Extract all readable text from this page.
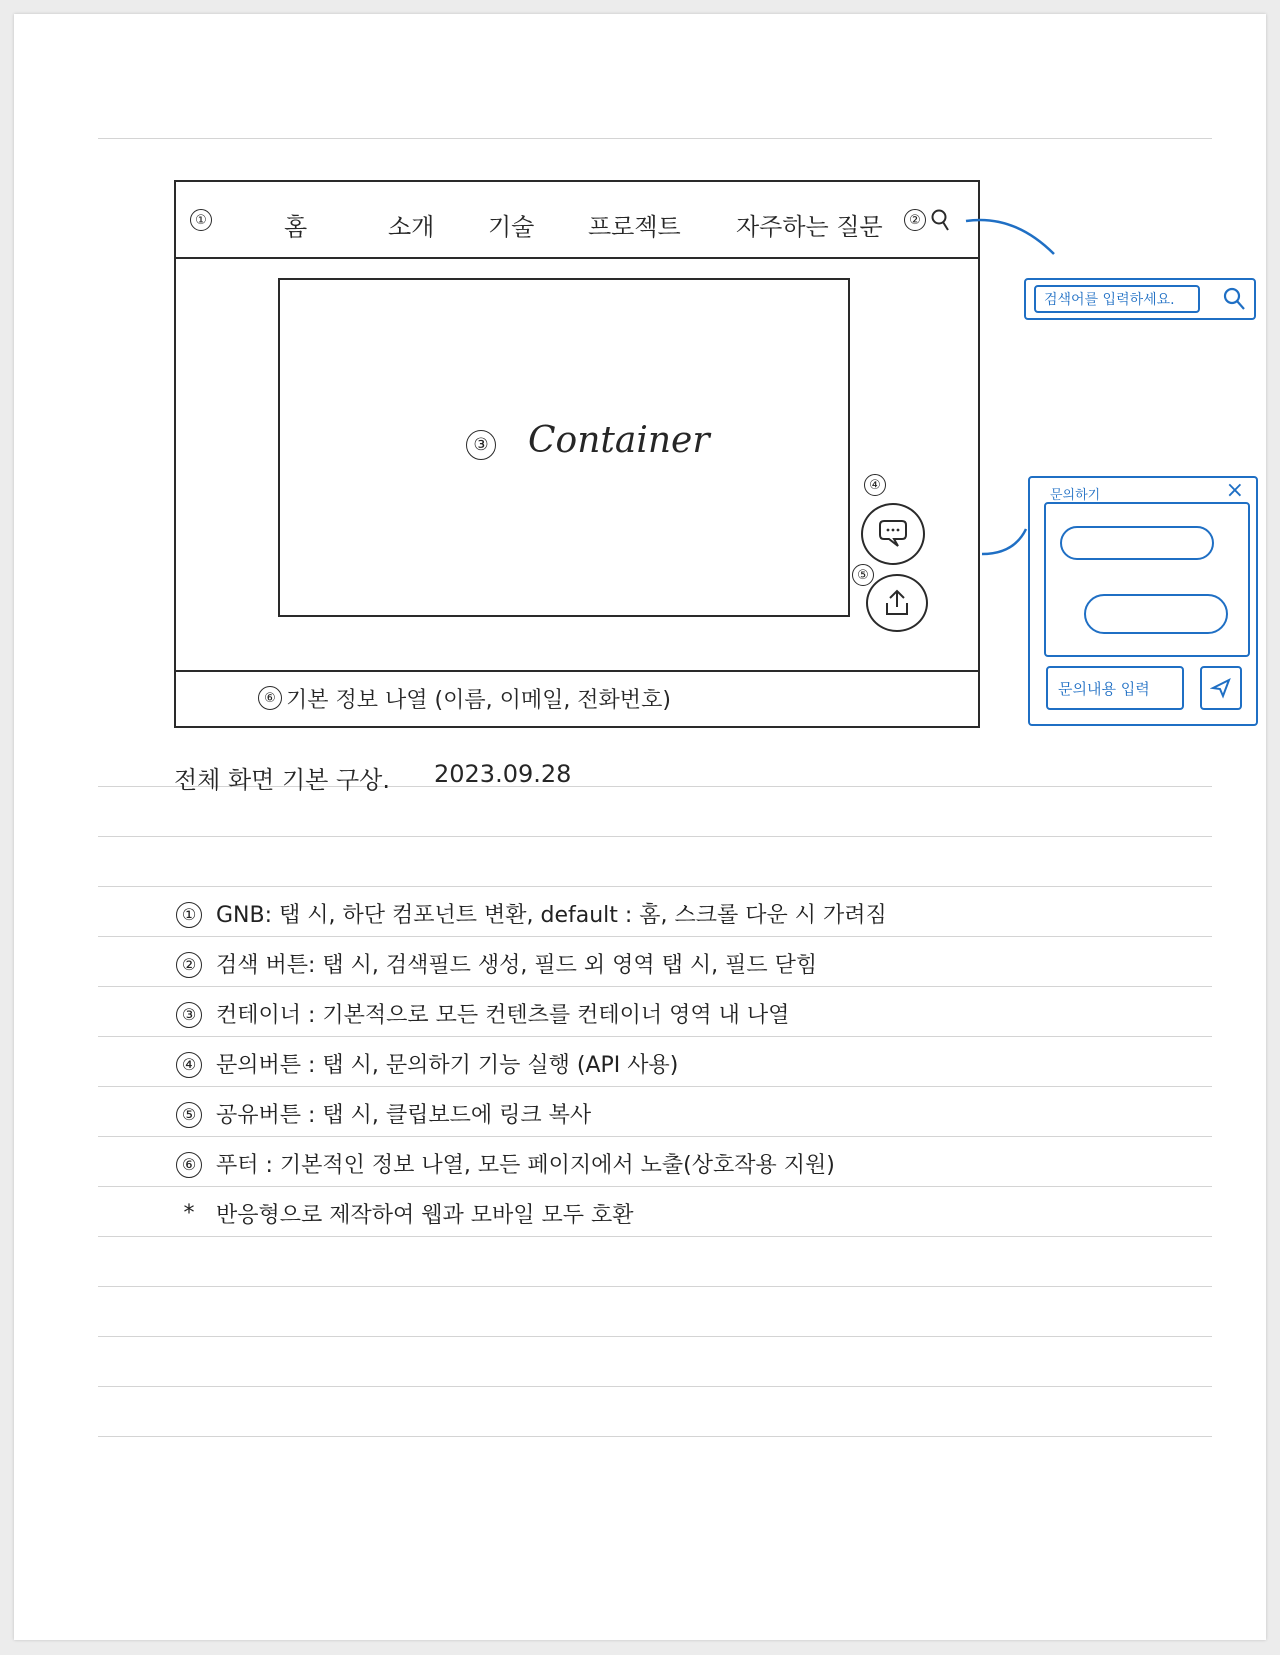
①	홈	소개 기술 프로젝트 자주하는 질문	②
③ Container
④
⑤
⑥ 기본 정보 나열 (이름, 이메일, 전화번호)
검색어를 입력하세요.
문의하기	×
문의내용 입력
전체 화면 기본 구상. 2023.09.28
① GNB: 탭 시, 하단 컴포넌트 변환, default : 홈, 스크롤 다운 시 가려짐
② 검색 버튼: 탭 시, 검색필드 생성, 필드 외 영역 탭 시, 필드 닫힘
③ 컨테이너 : 기본적으로 모든 컨텐츠를 컨테이너 영역 내 나열
④ 문의버튼 : 탭 시, 문의하기 기능 실행 (API 사용)
⑤ 공유버튼 : 탭 시, 클립보드에 링크 복사
⑥ 푸터 : 기본적인 정보 나열, 모든 페이지에서 노출(상호작용 지원)
* 반응형으로 제작하여 웹과 모바일 모두 호환
